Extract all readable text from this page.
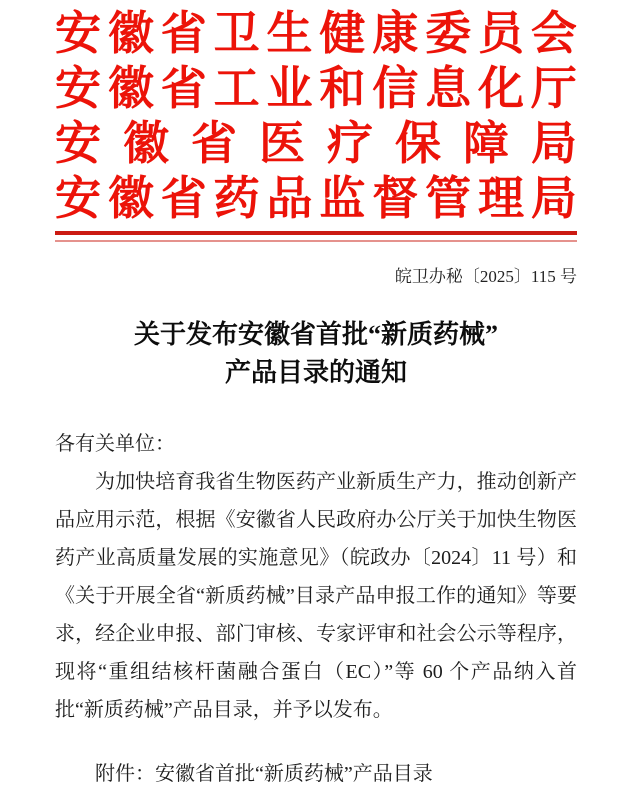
安 徽 省 卫 生 健 康 委 员 会
安 徽 省 工 业 和 信 息 化 厅
安 徽 省 医 疗 保 障 局
安 徽 省 药 品 监 督 管 理 局
皖卫办秘〔2025〕115 号
关于发布安徽省首批“新质药械”
产品目录的通知
各有关单位：
为加快培育我省生物医药产业新质生产力，推动创新产品应用示范，根据《安徽省人民政府办公厅关于加快生物医药产业高质量发展的实施意见》（皖政办〔2024〕11 号）和《关于开展全省“新质药械”目录产品申报工作的通知》等要求，经企业申报、部门审核、专家评审和社会公示等程序，现将“重组结核杆菌融合蛋白（EC）”等 60 个产品纳入首批“新质药械”产品目录，并予以发布。
附件：安徽省首批“新质药械”产品目录
